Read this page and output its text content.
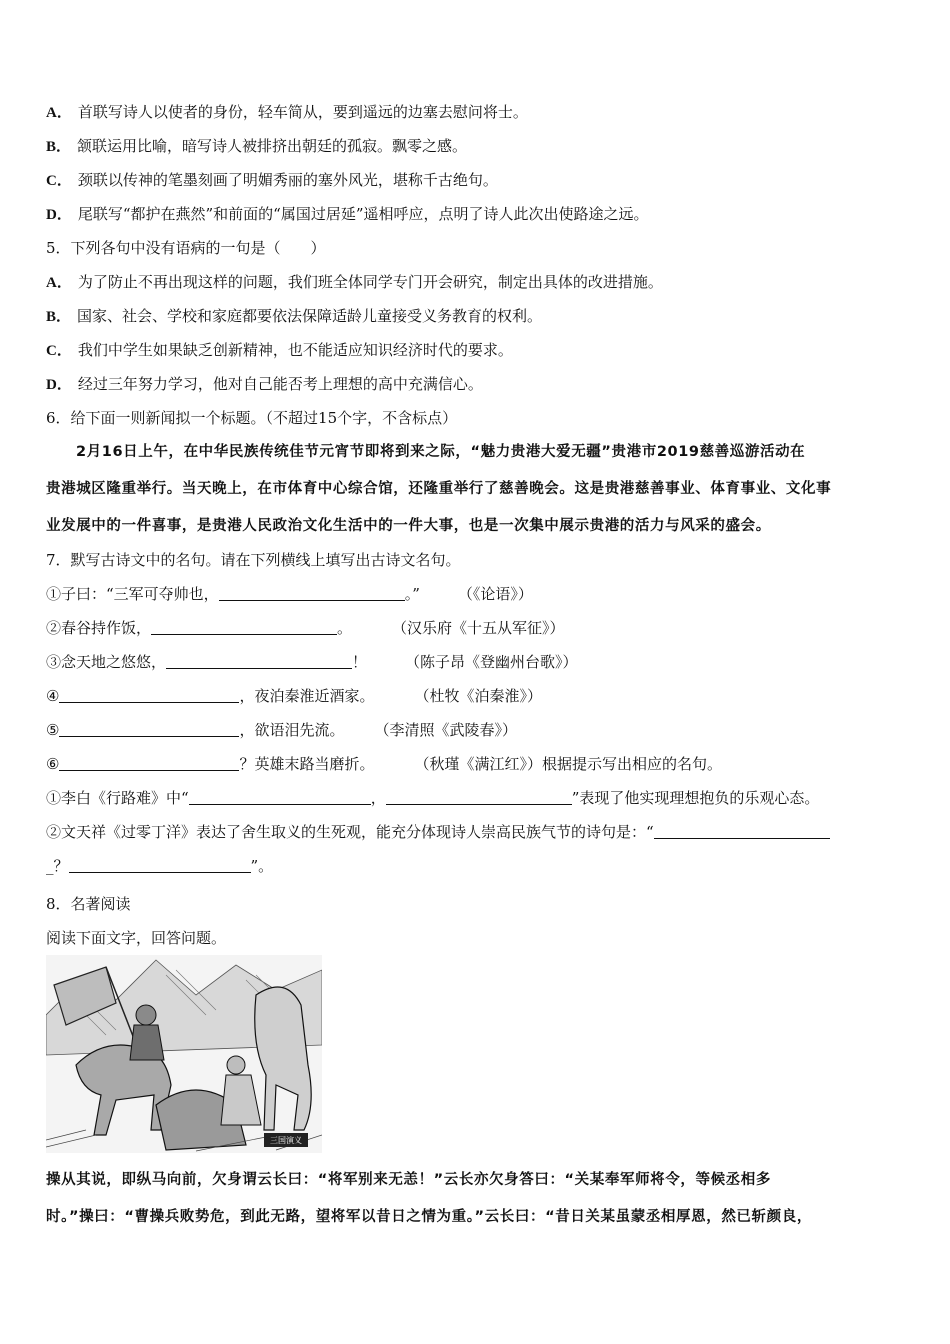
A． 首联写诗人以使者的身份，轻车简从，要到遥远的边塞去慰问将士。
B． 颔联运用比喻，暗写诗人被排挤出朝廷的孤寂。飘零之感。
C． 颈联以传神的笔墨刻画了明媚秀丽的塞外风光，堪称千古绝句。
D． 尾联写“都护在燕然”和前面的“属国过居延”遥相呼应，点明了诗人此次出使路途之远。
5．下列各句中没有语病的一句是（　　）
A． 为了防止不再出现这样的问题，我们班全体同学专门开会研究，制定出具体的改进措施。
B． 国家、社会、学校和家庭都要依法保障适龄儿童接受义务教育的权利。
C． 我们中学生如果缺乏创新精神，也不能适应知识经济时代的要求。
D． 经过三年努力学习，他对自己能否考上理想的高中充满信心。
6．给下面一则新闻拟一个标题。（不超过15个字，不含标点）
2月16日上午，在中华民族传统佳节元宵节即将到来之际，“魅力贵港大爱无疆”贵港市2019慈善巡游活动在
贵港城区隆重举行。当天晚上，在市体育中心综合馆，还隆重举行了慈善晚会。这是贵港慈善事业、体育事业、文化事
业发展中的一件喜事，是贵港人民政治文化生活中的一件大事，也是一次集中展示贵港的活力与风采的盛会。
7．默写古诗文中的名句。请在下列横线上填写出古诗文名句。
①子曰：“三军可夺帅也，	。”	（《论语》）
②春谷持作饭，	。	（汉乐府《十五从军征》）
③念天地之悠悠，	！	（陈子昂《登幽州台歌》）
④	，夜泊秦淮近酒家。	（杜牧《泊秦淮》）
⑤	，欲语泪先流。 （李清照《武陵春》）
⑥	？英雄末路当磨折。	（秋瑾《满江红》）根据提示写出相应的名句。
①李白《行路难》中“	，	”表现了他实现理想抱负的乐观心态。
②文天祥《过零丁洋》表达了舍生取义的生死观，能充分体现诗人崇高民族气节的诗句是：“
_？	”。
8．名著阅读
阅读下面文字，回答问题。
三国演义
操从其说，即纵马向前，欠身谓云长曰：“将军别来无恙！”云长亦欠身答曰：“关某奉军师将令，等候丞相多
时。”操曰：“曹操兵败势危，到此无路，望将军以昔日之情为重。”云长曰：“昔日关某虽蒙丞相厚恩，然已斩颜良，
